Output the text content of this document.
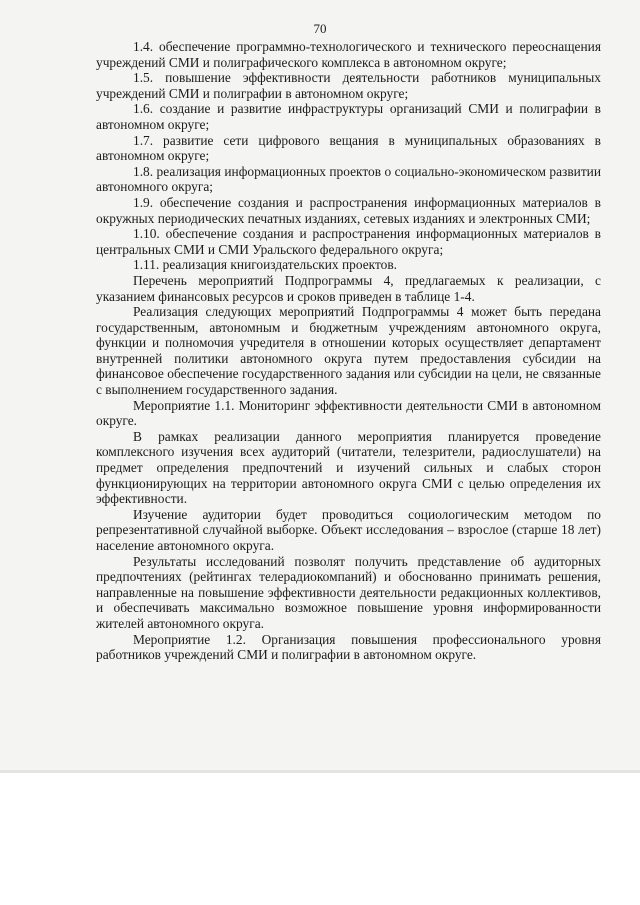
70

1.4. обеспечение программно-технологического и технического переоснащения учреждений СМИ и полиграфического комплекса в автономном округе;

1.5. повышение эффективности деятельности работников муниципальных учреждений СМИ и полиграфии в автономном округе;

1.6. создание и развитие инфраструктуры организаций СМИ и полиграфии в автономном округе;

1.7. развитие сети цифрового вещания в муниципальных образованиях в автономном округе;

1.8. реализация информационных проектов о социально-экономическом развитии автономного округа;

1.9. обеспечение создания и распространения информационных материалов в окружных периодических печатных изданиях, сетевых изданиях и электронных СМИ;

1.10. обеспечение создания и распространения информационных материалов в центральных СМИ и СМИ Уральского федерального округа;

1.11. реализация книгоиздательских проектов.

Перечень мероприятий Подпрограммы 4, предлагаемых к реализации, с указанием финансовых ресурсов и сроков приведен в таблице 1-4.

Реализация следующих мероприятий Подпрограммы 4 может быть передана государственным, автономным и бюджетным учреждениям автономного округа, функции и полномочия учредителя в отношении которых осуществляет департамент внутренней политики автономного округа путем предоставления субсидии на финансовое обеспечение государственного задания или субсидии на цели, не связанные с выполнением государственного задания.

Мероприятие 1.1. Мониторинг эффективности деятельности СМИ в автономном округе.

В рамках реализации данного мероприятия планируется проведение комплексного изучения всех аудиторий (читатели, телезрители, радиослушатели) на предмет определения предпочтений и изучений сильных и слабых сторон функционирующих на территории автономного округа СМИ с целью определения их эффективности.

Изучение аудитории будет проводиться социологическим методом по репрезентативной случайной выборке. Объект исследования – взрослое (старше 18 лет) население автономного округа.

Результаты исследований позволят получить представление об аудиторных предпочтениях (рейтингах телерадиокомпаний) и обоснованно принимать решения, направленные на повышение эффективности деятельности редакционных коллективов, и обеспечивать максимально возможное повышение уровня информированности жителей автономного округа.

Мероприятие 1.2. Организация повышения профессионального уровня работников учреждений СМИ и полиграфии в автономном округе.
